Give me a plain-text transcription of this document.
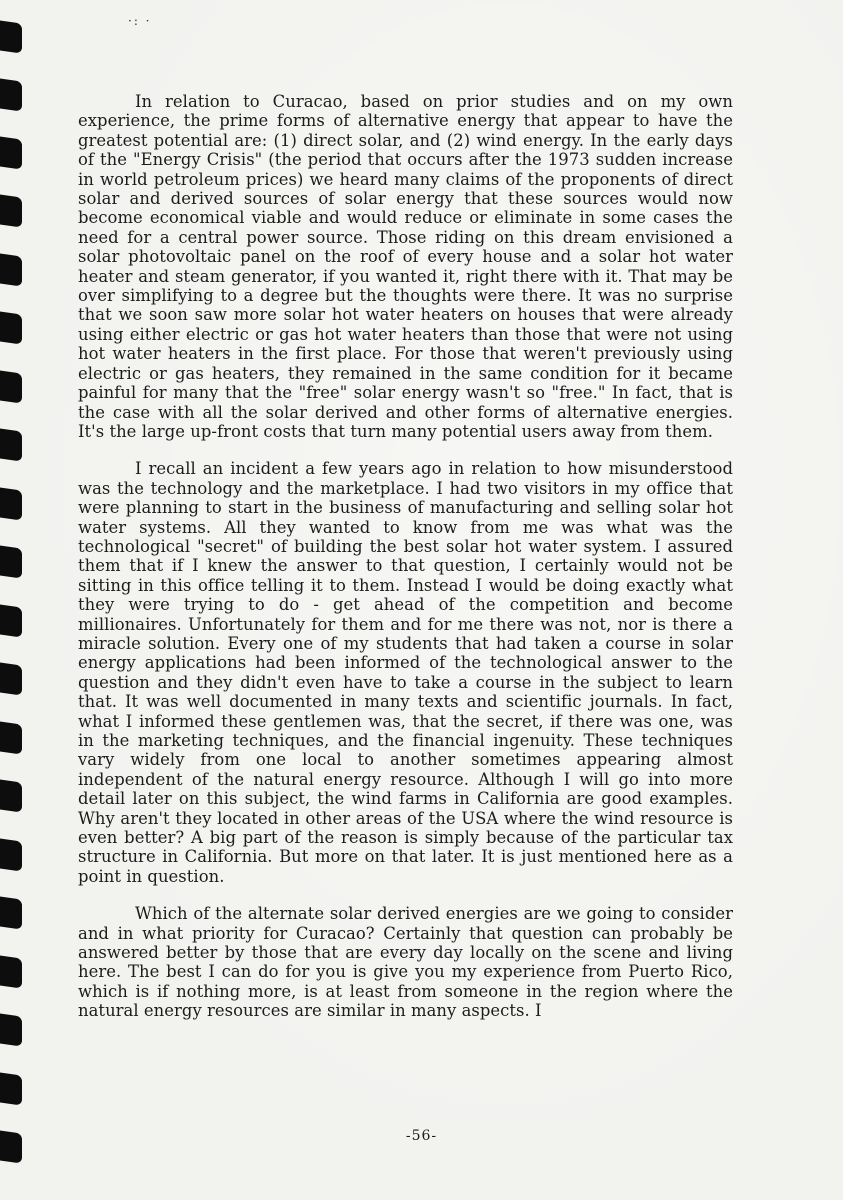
·: ·

In relation to Curacao, based on prior studies and on my own experience, the prime forms of alternative energy that appear to have the greatest potential are: (1) direct solar, and (2) wind energy. In the early days of the "Energy Crisis" (the period that occurs after the 1973 sudden increase in world petroleum prices) we heard many claims of the proponents of direct solar and derived sources of solar energy that these sources would now become economical viable and would reduce or eliminate in some cases the need for a central power source. Those riding on this dream envisioned a solar photovoltaic panel on the roof of every house and a solar hot water heater and steam generator, if you wanted it, right there with it. That may be over simplifying to a degree but the thoughts were there. It was no surprise that we soon saw more solar hot water heaters on houses that were already using either electric or gas hot water heaters than those that were not using hot water heaters in the first place. For those that weren't previously using electric or gas heaters, they remained in the same condition for it became painful for many that the "free" solar energy wasn't so "free." In fact, that is the case with all the solar derived and other forms of alternative energies. It's the large up-front costs that turn many potential users away from them.

I recall an incident a few years ago in relation to how misunderstood was the technology and the marketplace. I had two visitors in my office that were planning to start in the business of manufacturing and selling solar hot water systems. All they wanted to know from me was what was the technological "secret" of building the best solar hot water system. I assured them that if I knew the answer to that question, I certainly would not be sitting in this office telling it to them. Instead I would be doing exactly what they were trying to do - get ahead of the competition and become millionaires. Unfortunately for them and for me there was not, nor is there a miracle solution. Every one of my students that had taken a course in solar energy applications had been informed of the technological answer to the question and they didn't even have to take a course in the subject to learn that. It was well documented in many texts and scientific journals. In fact, what I informed these gentlemen was, that the secret, if there was one, was in the marketing techniques, and the financial ingenuity. These techniques vary widely from one local to another sometimes appearing almost independent of the natural energy resource. Although I will go into more detail later on this subject, the wind farms in California are good examples. Why aren't they located in other areas of the USA where the wind resource is even better? A big part of the reason is simply because of the particular tax structure in California. But more on that later. It is just mentioned here as a point in question.

Which of the alternate solar derived energies are we going to consider and in what priority for Curacao? Certainly that question can probably be answered better by those that are every day locally on the scene and living here. The best I can do for you is give you my experience from Puerto Rico, which is if nothing more, is at least from someone in the region where the natural energy resources are similar in many aspects. I

-56-
